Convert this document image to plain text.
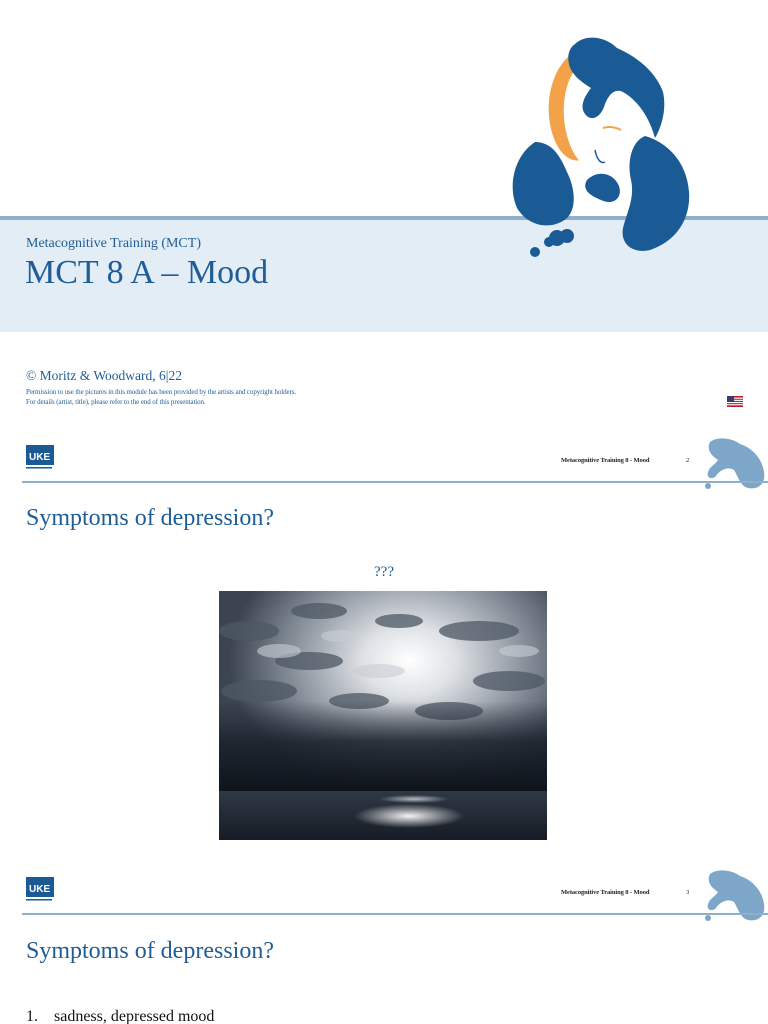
Metacognitive Training (MCT)
MCT 8 A – Mood
© Moritz & Woodward, 6|22
Permission to use the pictures in this module has been provided by the artists and copyright holders.
For details (artist, title), please refer to the end of this presentation.
UKE	Metacognitive Training 8 - Mood	2
Symptoms of depression?
???
UKE	Metacognitive Training 8 - Mood	3
Symptoms of depression?
1. sadness, depressed mood
